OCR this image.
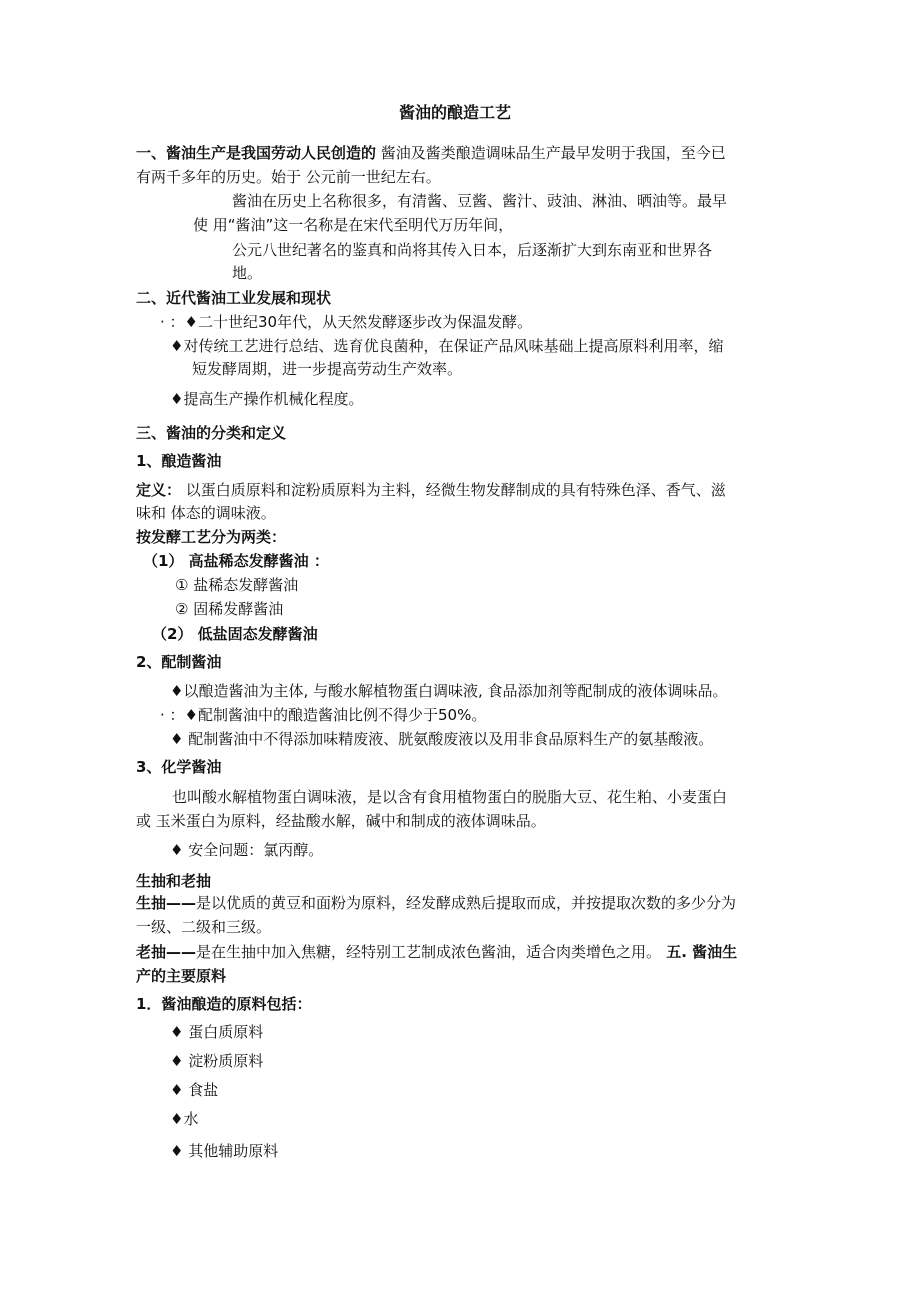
酱油的酿造工艺
一、酱油生产是我国劳动人民创造的 酱油及酱类酿造调味品生产最早发明于我国，至今已
有两千多年的历史。始于 公元前一世纪左右。
酱油在历史上名称很多，有清酱、豆酱、酱汁、豉油、淋油、晒油等。最早
使 用“酱油”这一名称是在宋代至明代万历年间，
公元八世纪著名的鉴真和尚将其传入日本，后逐渐扩大到东南亚和世界各
地。
二、近代酱油工业发展和现状
· ：♦二十世纪30年代，从天然发酵逐步改为保温发酵。
♦对传统工艺进行总结、选育优良菌种，在保证产品风味基础上提高原料利用率，缩
短发酵周期，进一步提高劳动生产效率。
♦提高生产操作机械化程度。
三、酱油的分类和定义
1、酿造酱油
定义： 以蛋白质原料和淀粉质原料为主料，经微生物发酵制成的具有特殊色泽、香气、滋
味和 体态的调味液。
按发酵工艺分为两类：
（1） 高盐稀态发酵酱油 ：
① 盐稀态发酵酱油
② 固稀发酵酱油
（2） 低盐固态发酵酱油
2、配制酱油
♦以酿造酱油为主体, 与酸水解植物蛋白调味液, 食品添加剂等配制成的液体调味品。
· ：♦配制酱油中的酿造酱油比例不得少于50%。
♦ 配制酱油中不得添加味精废液、胱氨酸废液以及用非食品原料生产的氨基酸液。
3、化学酱油
也叫酸水解植物蛋白调味液，是以含有食用植物蛋白的脱脂大豆、花生粕、小麦蛋白
或 玉米蛋白为原料，经盐酸水解，碱中和制成的液体调味品。
♦ 安全问题：氯丙醇。
生抽和老抽
生抽——是以优质的黄豆和面粉为原料，经发酵成熟后提取而成，并按提取次数的多少分为
一级、二级和三级。
老抽——是在生抽中加入焦糖，经特别工艺制成浓色酱油，适合肉类增色之用。 五. 酱油生
产的主要原料
1．酱油酿造的原料包括：
♦ 蛋白质原料
♦ 淀粉质原料
♦ 食盐
♦水
♦ 其他辅助原料
